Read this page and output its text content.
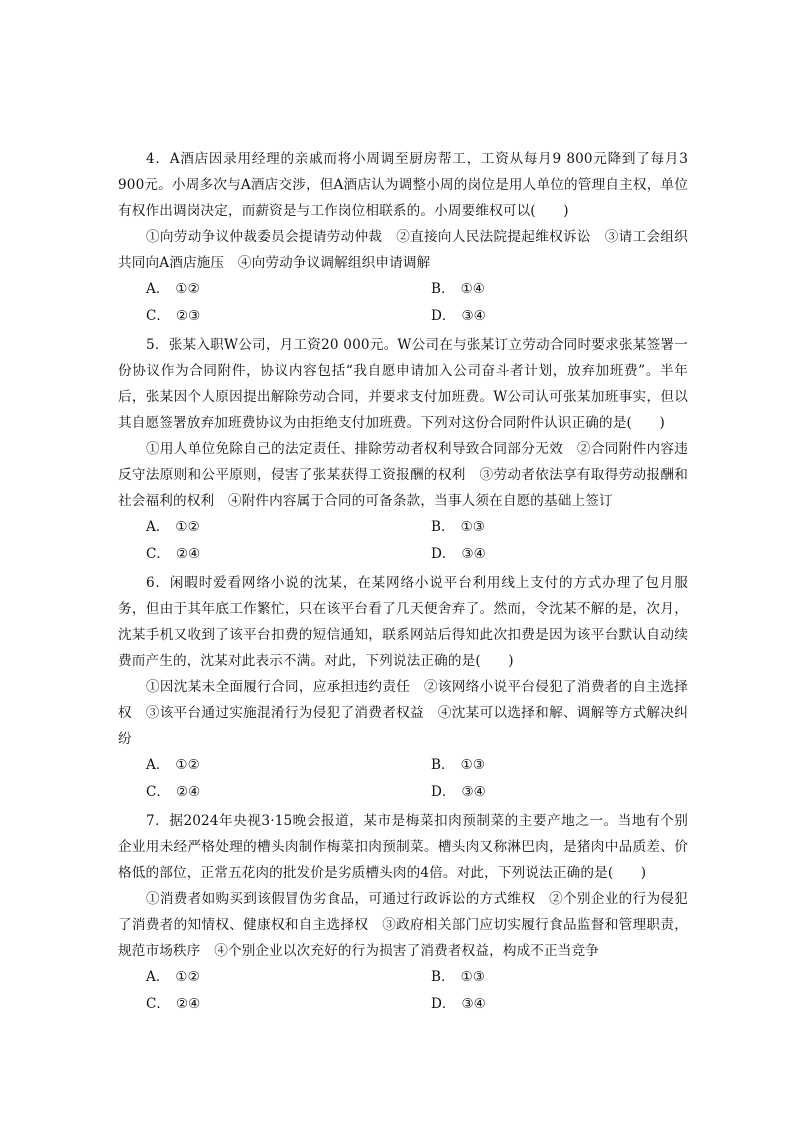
4．A酒店因录用经理的亲戚而将小周调至厨房帮工，工资从每月9 800元降到了每月3 900元。小周多次与A酒店交涉，但A酒店认为调整小周的岗位是用人单位的管理自主权，单位有权作出调岗决定，而薪资是与工作岗位相联系的。小周要维权可以(　　)

①向劳动争议仲裁委员会提请劳动仲裁　②直接向人民法院提起维权诉讼　③请工会组织共同向A酒店施压　④向劳动争议调解组织申请调解

A． ①②	B． ①④
C． ②③	D． ③④

5．张某入职W公司，月工资20 000元。W公司在与张某订立劳动合同时要求张某签署一份协议作为合同附件，协议内容包括“我自愿申请加入公司奋斗者计划，放弃加班费”。半年后，张某因个人原因提出解除劳动合同，并要求支付加班费。W公司认可张某加班事实，但以其自愿签署放弃加班费协议为由拒绝支付加班费。下列对这份合同附件认识正确的是(　　)

①用人单位免除自己的法定责任、排除劳动者权利导致合同部分无效　②合同附件内容违反守法原则和公平原则，侵害了张某获得工资报酬的权利　③劳动者依法享有取得劳动报酬和社会福利的权利　④附件内容属于合同的可备条款，当事人须在自愿的基础上签订

A． ①②	B． ①③
C． ②④	D． ③④

6．闲暇时爱看网络小说的沈某，在某网络小说平台利用线上支付的方式办理了包月服务，但由于其年底工作繁忙，只在该平台看了几天便舍弃了。然而，令沈某不解的是，次月，沈某手机又收到了该平台扣费的短信通知，联系网站后得知此次扣费是因为该平台默认自动续费而产生的，沈某对此表示不满。对此，下列说法正确的是(　　)

①因沈某未全面履行合同，应承担违约责任　②该网络小说平台侵犯了消费者的自主选择权　③该平台通过实施混淆行为侵犯了消费者权益　④沈某可以选择和解、调解等方式解决纠纷

A． ①②	B． ①③
C． ②④	D． ③④

7．据2024年央视3·15晚会报道，某市是梅菜扣肉预制菜的主要产地之一。当地有个别企业用未经严格处理的槽头肉制作梅菜扣肉预制菜。槽头肉又称淋巴肉，是猪肉中品质差、价格低的部位，正常五花肉的批发价是劣质槽头肉的4倍。对此，下列说法正确的是(　　)

①消费者如购买到该假冒伪劣食品，可通过行政诉讼的方式维权　②个别企业的行为侵犯了消费者的知情权、健康权和自主选择权　③政府相关部门应切实履行食品监督和管理职责，规范市场秩序　④个别企业以次充好的行为损害了消费者权益，构成不正当竞争

A． ①②	B． ①③
C． ②④	D． ③④
